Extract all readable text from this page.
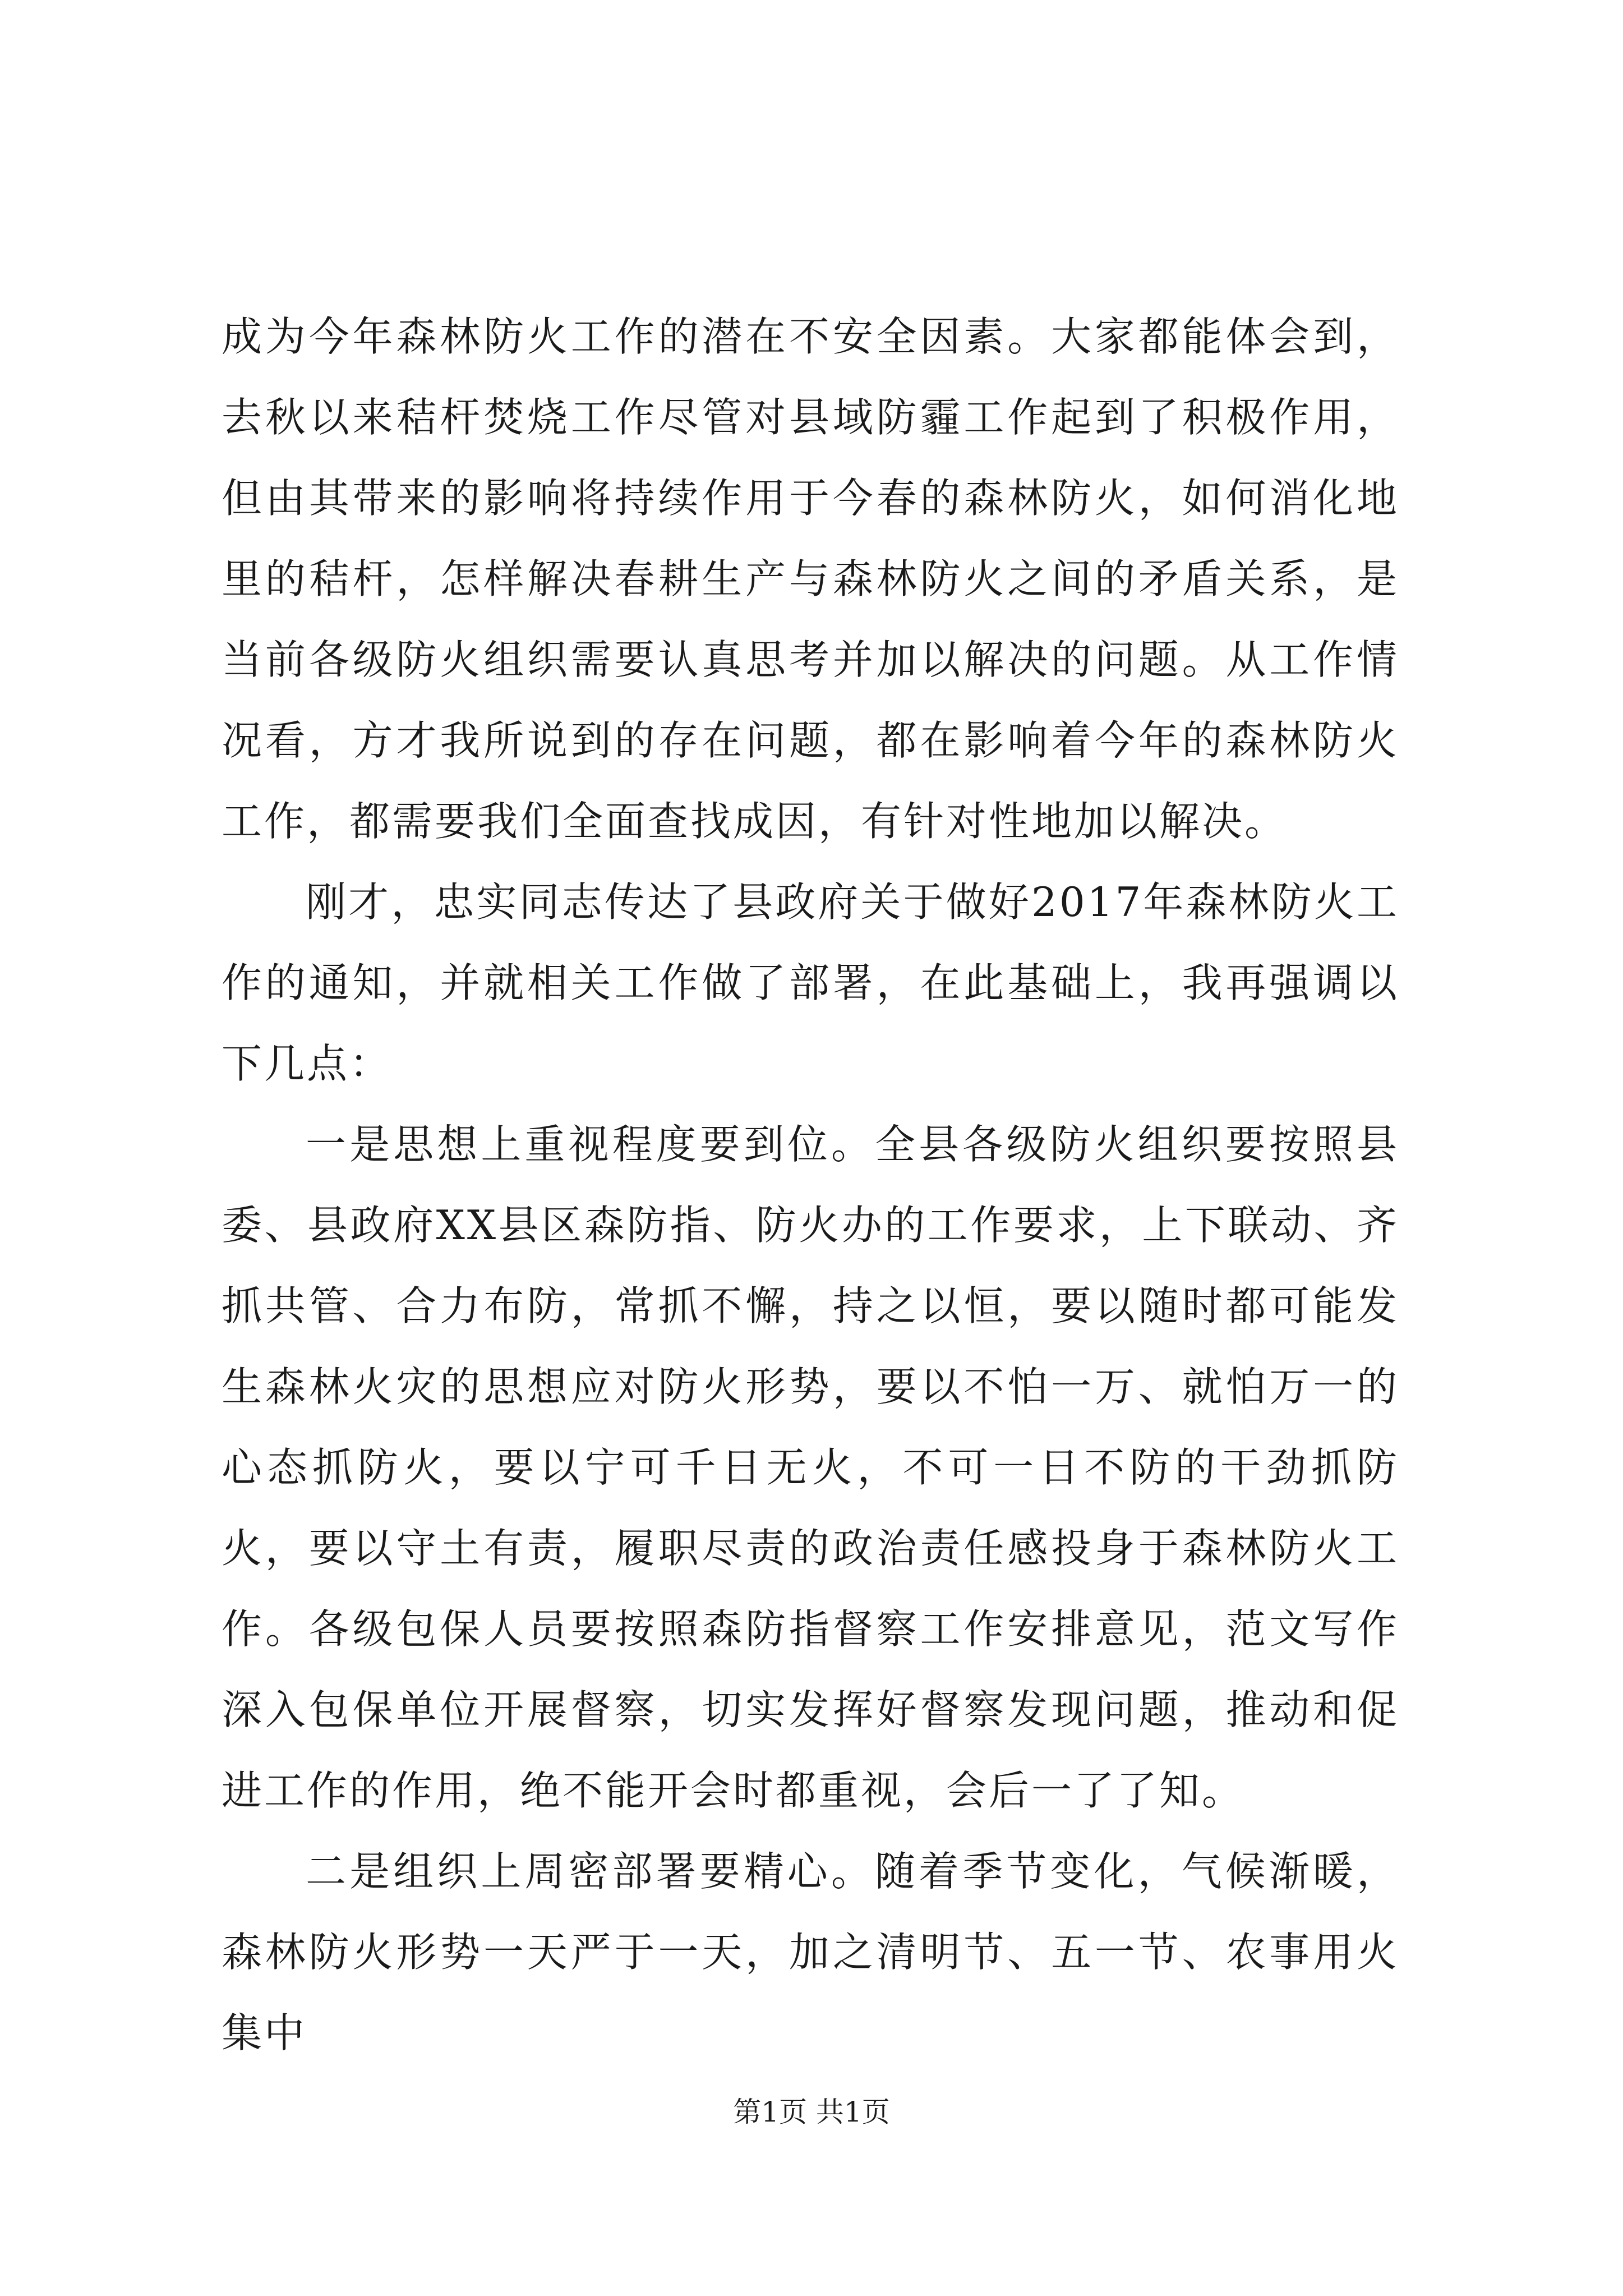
成为今年森林防火工作的潜在不安全因素。大家都能体会到，去秋以来秸杆焚烧工作尽管对县域防霾工作起到了积极作用，但由其带来的影响将持续作用于今春的森林防火，如何消化地里的秸杆，怎样解决春耕生产与森林防火之间的矛盾关系，是当前各级防火组织需要认真思考并加以解决的问题。从工作情况看，方才我所说到的存在问题，都在影响着今年的森林防火工作，都需要我们全面查找成因，有针对性地加以解决。

刚才，忠实同志传达了县政府关于做好2017年森林防火工作的通知，并就相关工作做了部署，在此基础上，我再强调以下几点：

一是思想上重视程度要到位。全县各级防火组织要按照县委、县政府XX县区森防指、防火办的工作要求，上下联动、齐抓共管、合力布防，常抓不懈，持之以恒，要以随时都可能发生森林火灾的思想应对防火形势，要以不怕一万、就怕万一的心态抓防火，要以宁可千日无火，不可一日不防的干劲抓防火，要以守土有责，履职尽责的政治责任感投身于森林防火工作。各级包保人员要按照森防指督察工作安排意见，范文写作深入包保单位开展督察，切实发挥好督察发现问题，推动和促进工作的作用，绝不能开会时都重视，会后一了了知。

二是组织上周密部署要精心。随着季节变化，气候渐暖，森林防火形势一天严于一天，加之清明节、五一节、农事用火集中

第1页 共1页
